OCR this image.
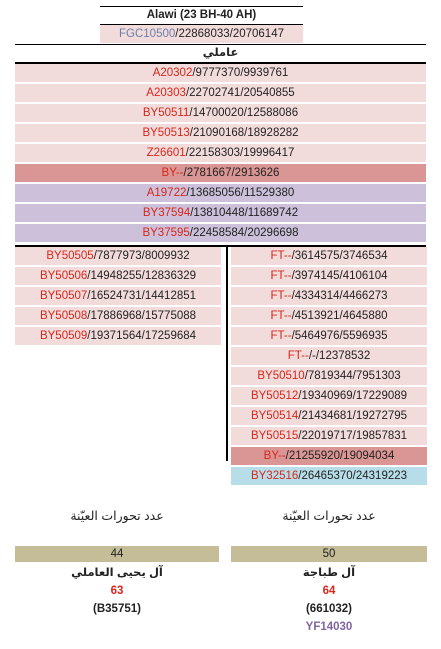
Alawi (23 BH-40 AH)
FGC10500/22868033/20706147
عاملي
A20302/9777370/9939761
A20303/22702741/20540855
BY50511/14700020/12588086
BY50513/21090168/18928282
Z26601/22158303/19996417
BY--/2781667/2913626
A19722/13685056/11529380
BY37594/13810448/11689742
BY37595/22458584/20296698
BY50505/7877973/8009932
BY50506/14948255/12836329
BY50507/16524731/14412851
BY50508/17886968/15775088
BY50509/19371564/17259684
FT--/3614575/3746534
FT--/3974145/4106104
FT--/4334314/4466273
FT--/4513921/4645880
FT--/5464976/5596935
FT--/-/12378532
BY50510/7819344/7951303
BY50512/19340969/17229089
BY50514/21434681/19272795
BY50515/22019717/19857831
BY--/21255920/19094034
BY32516/26465370/24319223
عدد تحورات العيّنة
44
آل يحيى العاملي
63
(B35751)
عدد تحورات العيّنة
50
آل طباجة
64
(661032)
YF14030
